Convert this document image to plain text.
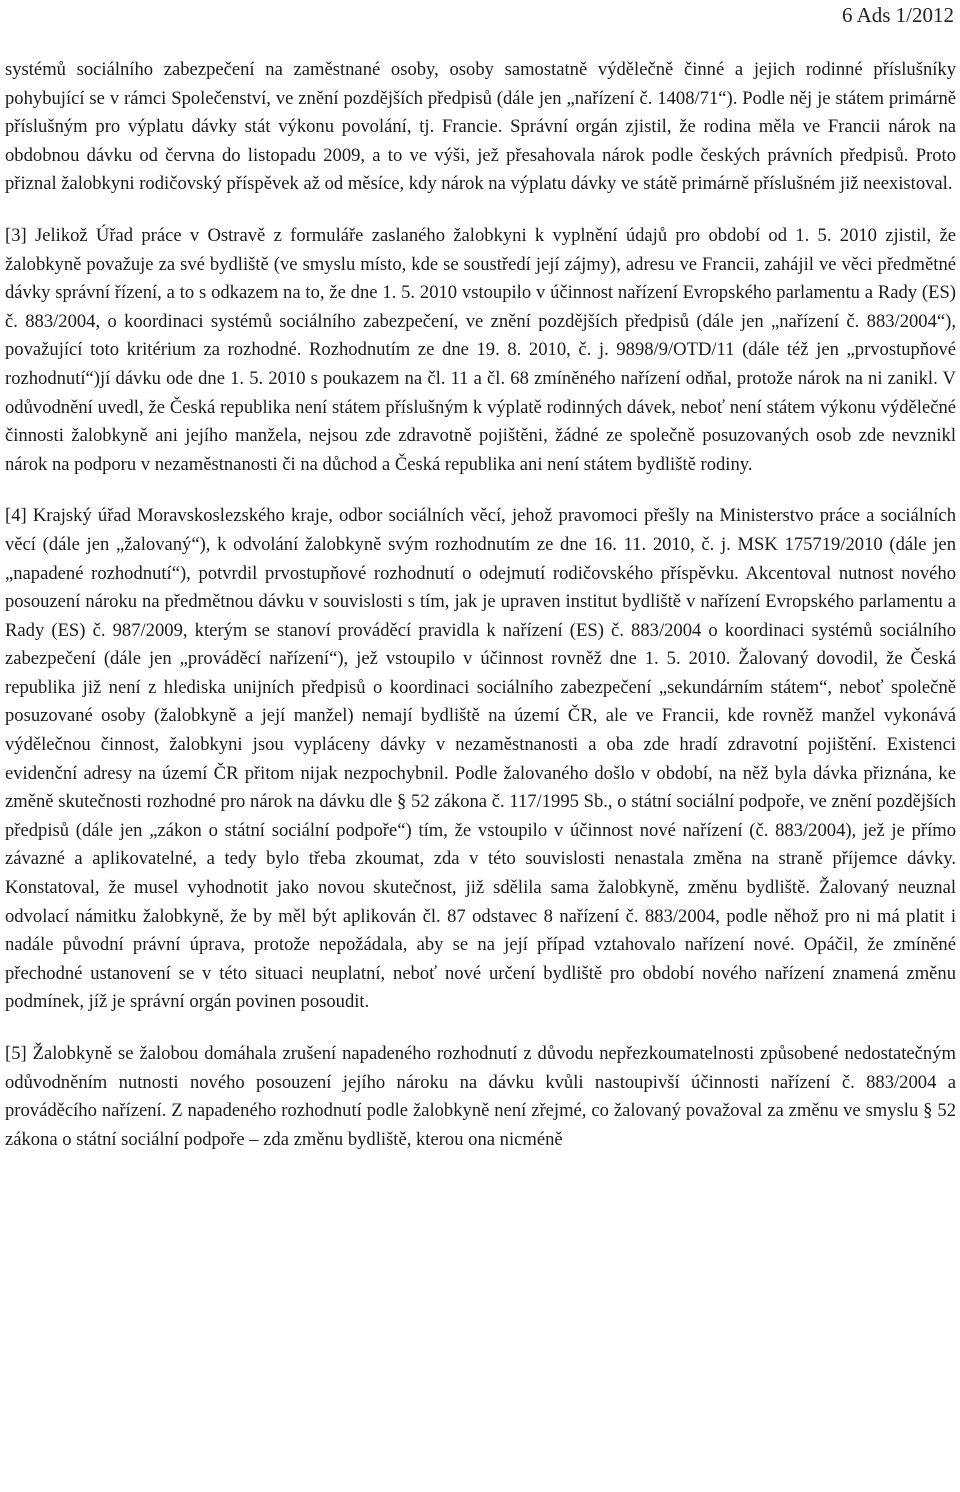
6 Ads 1/2012

systémů sociálního zabezpečení na zaměstnané osoby, osoby samostatně výdělečně činné a jejich rodinné příslušníky pohybující se v rámci Společenství, ve znění pozdějších předpisů (dále jen „nařízení č. 1408/71“). Podle něj je státem primárně příslušným pro výplatu dávky stát výkonu povolání, tj. Francie. Správní orgán zjistil, že rodina měla ve Francii nárok na obdobnou dávku od června do listopadu 2009, a to ve výši, jež přesahovala nárok podle českých právních předpisů. Proto přiznal žalobkyni rodičovský příspěvek až od měsíce, kdy nárok na výplatu dávky ve státě primárně příslušném již neexistoval.

[3] Jelikož Úřad práce v Ostravě z formuláře zaslaného žalobkyni k vyplnění údajů pro období od 1. 5. 2010 zjistil, že žalobkyně považuje za své bydliště (ve smyslu místo, kde se soustředí její zájmy), adresu ve Francii, zahájil ve věci předmětné dávky správní řízení, a to s odkazem na to, že dne 1. 5. 2010 vstoupilo v účinnost nařízení Evropského parlamentu a Rady (ES) č. 883/2004, o koordinaci systémů sociálního zabezpečení, ve znění pozdějších předpisů (dále jen „nařízení č. 883/2004“), považující toto kritérium za rozhodné. Rozhodnutím ze dne 19. 8. 2010, č. j. 9898/9/OTD/11 (dále též jen „prvostupňové rozhodnutí“)jí dávku ode dne 1. 5. 2010 s poukazem na čl. 11 a čl. 68 zmíněného nařízení odňal, protože nárok na ni zanikl. V odůvodnění uvedl, že Česká republika není státem příslušným k výplatě rodinných dávek, neboť není státem výkonu výdělečné činnosti žalobkyně ani jejího manžela, nejsou zde zdravotně pojištěni, žádné ze společně posuzovaných osob zde nevznikl nárok na podporu v nezaměstnanosti či na důchod a Česká republika ani není státem bydliště rodiny.

[4] Krajský úřad Moravskoslezského kraje, odbor sociálních věcí, jehož pravomoci přešly na Ministerstvo práce a sociálních věcí (dále jen „žalovaný“), k odvolání žalobkyně svým rozhodnutím ze dne 16. 11. 2010, č. j. MSK 175719/2010 (dále jen „napadené rozhodnutí“), potvrdil prvostupňové rozhodnutí o odejmutí rodičovského příspěvku. Akcentoval nutnost nového posouzení nároku na předmětnou dávku v souvislosti s tím, jak je upraven institut bydliště v nařízení Evropského parlamentu a Rady (ES) č. 987/2009, kterým se stanoví prováděcí pravidla k nařízení (ES) č. 883/2004 o koordinaci systémů sociálního zabezpečení (dále jen „prováděcí nařízení“), jež vstoupilo v účinnost rovněž dne 1. 5. 2010. Žalovaný dovodil, že Česká republika již není z hlediska unijních předpisů o koordinaci sociálního zabezpečení „sekundárním státem“, neboť společně posuzované osoby (žalobkyně a její manžel) nemají bydliště na území ČR, ale ve Francii, kde rovněž manžel vykonává výdělečnou činnost, žalobkyni jsou vypláceny dávky v nezaměstnanosti a oba zde hradí zdravotní pojištění. Existenci evidenční adresy na území ČR přitom nijak nezpochybnil. Podle žalovaného došlo v období, na něž byla dávka přiznána, ke změně skutečnosti rozhodné pro nárok na dávku dle § 52 zákona č. 117/1995 Sb., o státní sociální podpoře, ve znění pozdějších předpisů (dále jen „zákon o státní sociální podpoře“) tím, že vstoupilo v účinnost nové nařízení (č. 883/2004), jež je přímo závazné a aplikovatelné, a tedy bylo třeba zkoumat, zda v této souvislosti nenastala změna na straně příjemce dávky. Konstatoval, že musel vyhodnotit jako novou skutečnost, již sdělila sama žalobkyně, změnu bydliště. Žalovaný neuznal odvolací námitku žalobkyně, že by měl být aplikován čl. 87 odstavec 8 nařízení č. 883/2004, podle něhož pro ni má platit i nadále původní právní úprava, protože nepožádala, aby se na její případ vztahovalo nařízení nové. Opáčil, že zmíněné přechodné ustanovení se v této situaci neuplatní, neboť nové určení bydliště pro období nového nařízení znamená změnu podmínek, jíž je správní orgán povinen posoudit.

[5] Žalobkyně se žalobou domáhala zrušení napadeného rozhodnutí z důvodu nepřezkoumatelnosti způsobené nedostatečným odůvodněním nutnosti nového posouzení jejího nároku na dávku kvůli nastoupivší účinnosti nařízení č. 883/2004 a prováděcího nařízení. Z napadeného rozhodnutí podle žalobkyně není zřejmé, co žalovaný považoval za změnu ve smyslu § 52 zákona o státní sociální podpoře – zda změnu bydliště, kterou ona nicméně
